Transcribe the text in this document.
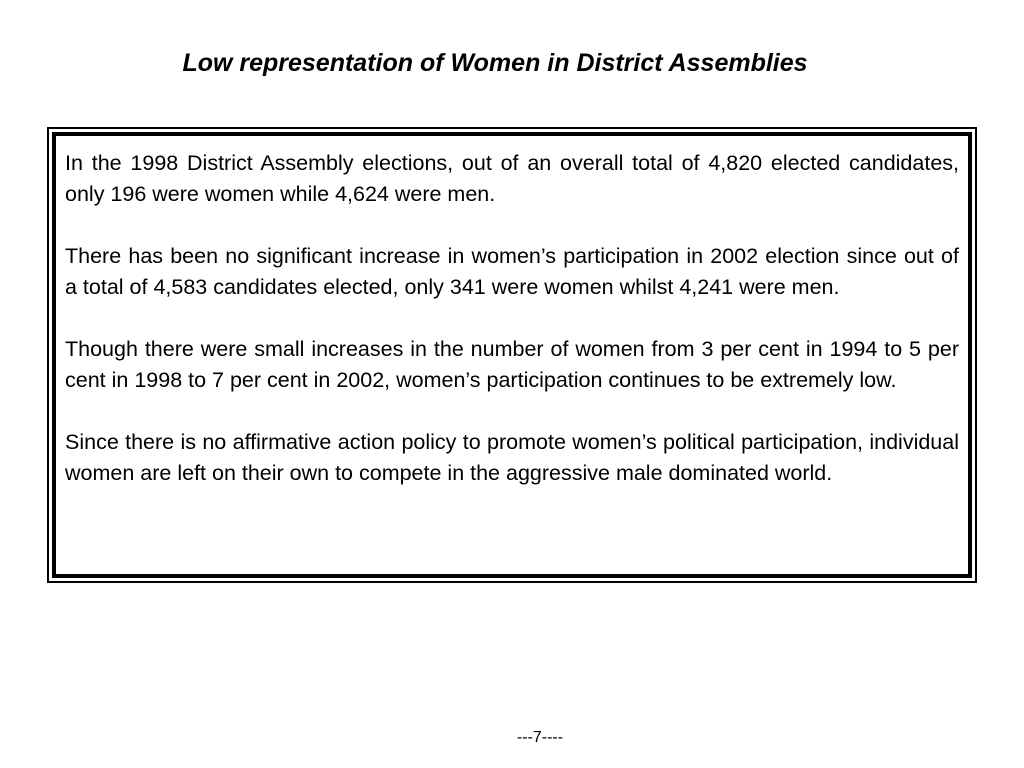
Low representation of Women in District Assemblies

In the 1998 District Assembly elections, out of an overall total of 4,820 elected candidates, only 196 were women while 4,624 were men.

There has been no significant increase in women’s participation in 2002 election since out of a total of 4,583 candidates elected, only 341 were women whilst 4,241 were men.

Though there were small increases in the number of women from 3 per cent in 1994 to 5 per cent in 1998 to 7 per cent in 2002, women’s participation continues to be extremely low.

Since there is no affirmative action policy to promote women’s political participation, individual women are left on their own to compete in the aggressive male dominated world.

---7----
